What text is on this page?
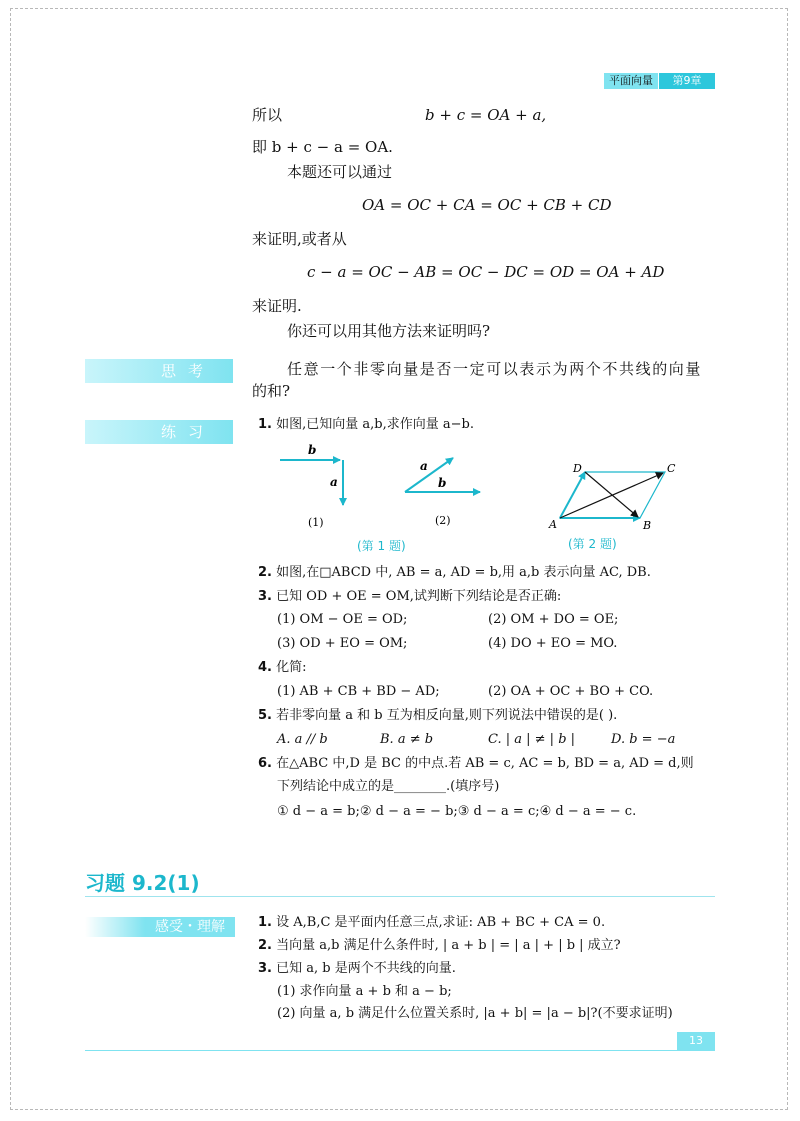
平面向量	第9章
所以	b + c = OA + a,
即 b + c − a = OA.
本题还可以通过
OA = OC + CA = OC + CB + CD
来证明,或者从
c − a = OC − AB = OC − DC = OD = OA + AD
来证明.
你还可以用其他方法来证明吗?
思考	任意一个非零向量是否一定可以表示为两个不共线的向量
的和?
练习	1. 如图,已知向量 a,b,求作向量 a−b.
b
a
(1)
a
b
(2)	A	B
C
D
(第 1 题)	(第 2 题)
2. 如图,在□ABCD 中, AB = a, AD = b,用 a,b 表示向量 AC, DB.
3. 已知 OD + OE = OM,试判断下列结论是否正确:
(1) OM − OE = OD;	(2) OM + DO = OE;
(3) OD + EO = OM;	(4) DO + EO = MO.
4. 化简:
(1) AB + CB + BD − AD;	(2) OA + OC + BO + CO.
5. 若非零向量 a 和 b 互为相反向量,则下列说法中错误的是( ).
A. a // b	B. a ≠ b	C. | a | ≠ | b |	D. b = −a
6. 在△ABC 中,D 是 BC 的中点.若 AB = c, AC = b, BD = a, AD = d,则
下列结论中成立的是________.(填序号)
① d − a = b;② d − a = − b;③ d − a = c;④ d − a = − c.
习题 9.2(1)
感受・理解	1. 设 A,B,C 是平面内任意三点,求证: AB + BC + CA = 0.
2. 当向量 a,b 满足什么条件时, | a + b | = | a | + | b | 成立?
3. 已知 a, b 是两个不共线的向量.
(1) 求作向量 a + b 和 a − b;
(2) 向量 a, b 满足什么位置关系时, |a + b| = |a − b|?(不要求证明)
13
